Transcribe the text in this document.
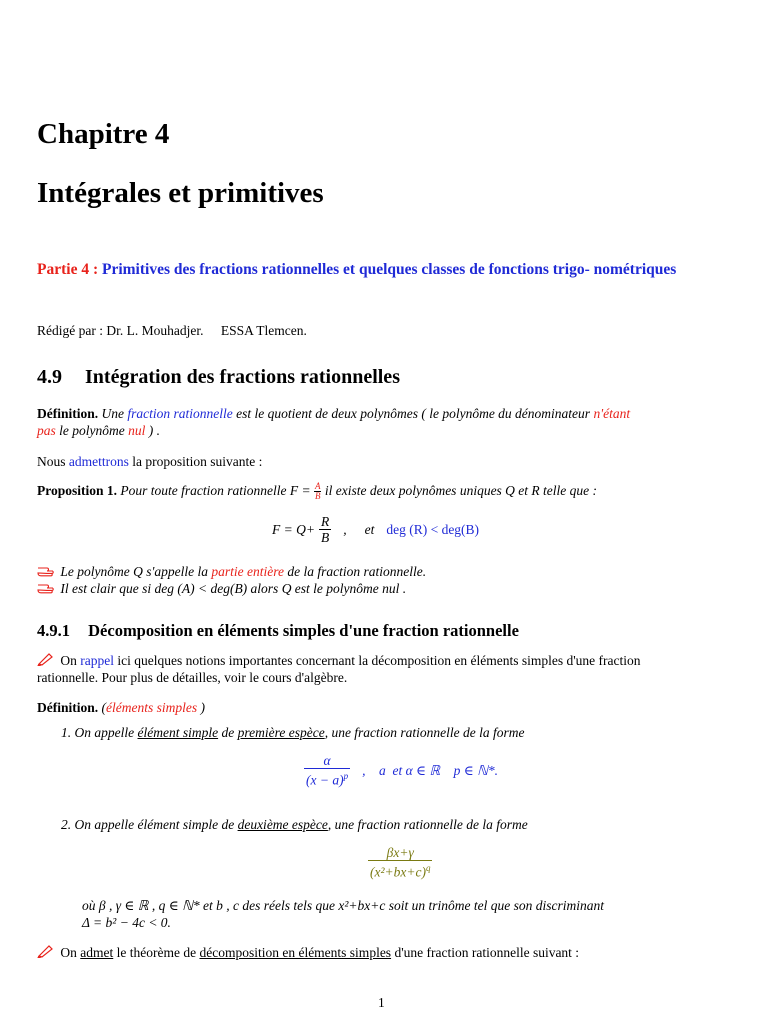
Chapitre 4
Intégrales et primitives
Partie 4 : Primitives des fractions rationnelles et quelques classes de fonctions trigo- nométriques
Rédigé par : Dr. L. Mouhadjer. ESSA Tlemcen.
4.9 Intégration des fractions rationnelles
Définition. Une fraction rationnelle est le quotient de deux polynômes ( le polynôme du dénominateur n'étant
pas le polynôme nul ) .
Nous admettrons la proposition suivante :
Proposition 1. Pour toute fraction rationnelle $F = \frac{A}{B}$ il existe deux polynômes uniques Q et R telle que :
$F = Q+ \frac{R}{B}$ , et deg (R) < deg(B)
Le polynôme Q s'appelle la partie entière de la fraction rationnelle.
Il est clair que si deg (A) < deg(B) alors Q est le polynôme nul .
4.9.1 Décomposition en éléments simples d'une fraction rationnelle
On rappel ici quelques notions importantes concernant la décomposition en éléments simples d'une fraction
rationnelle. Pour plus de détailles, voir le cours d'algèbre.
Définition. (éléments simples )
1. On appelle élément simple de première espèce, une fraction rationnelle de la forme
$\frac{\alpha}{(x - a)^p}$ ,    a  et α ∈ ℝ    p ∈ ℕ*.
2. On appelle élément simple de deuxième espèce, une fraction rationnelle de la forme
$\frac{\beta x+\gamma}{(x^2+bx+c)^q}$
où β , γ ∈ ℝ , q ∈ ℕ* et b , c des réels tels que x²+bx+c soit un trinôme tel que son discriminant
Δ = b² − 4c < 0.
On admet le théorème de décomposition en éléments simples d'une fraction rationnelle suivant :
1
